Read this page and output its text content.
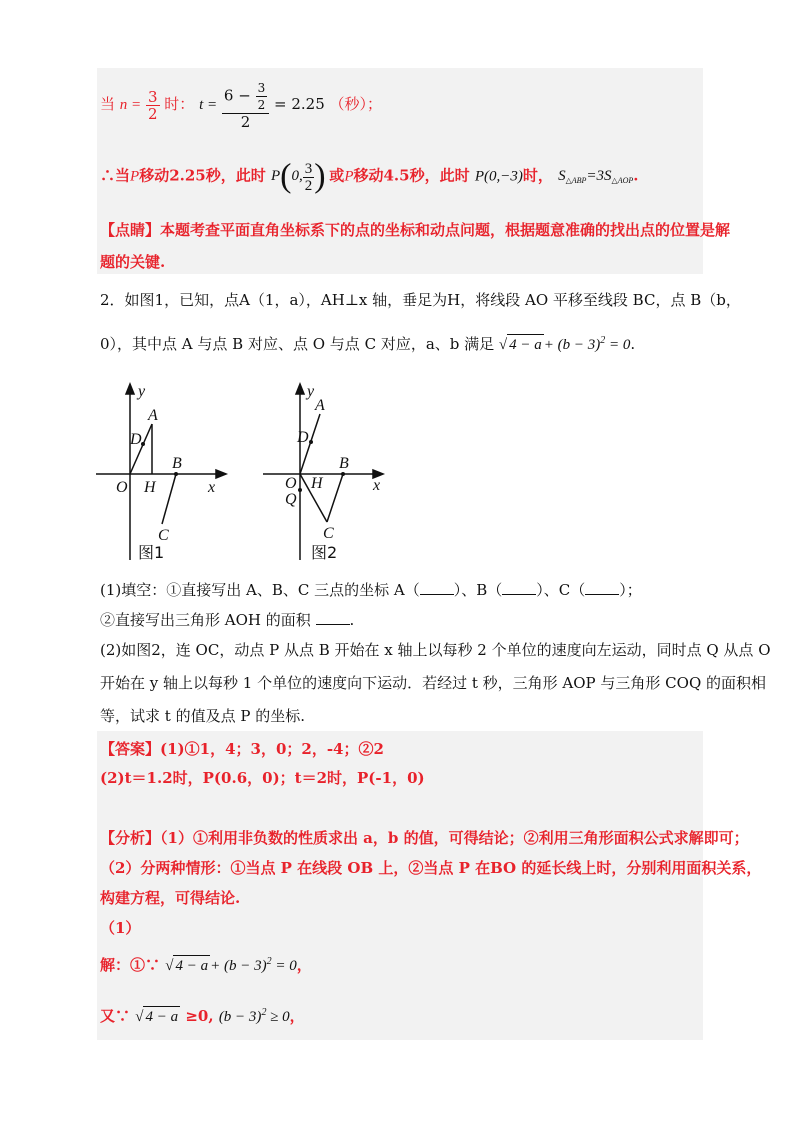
当 $n = \frac{3}{2}$ 时： $t = \frac{6 - \frac{3}{2}}{2} = 2.25$ （秒）；
∴当P移动2.25秒，此时 P(0, $\frac{3}{2}$ ) 或P移动4.5秒，此时 P(0,−3)时， $S_{\triangle ABP}=3S_{\triangle AOP}$.
【点睛】本题考查平面直角坐标系下的点的坐标和动点问题，根据题意准确的找出点的位置是解
题的关键.
2．如图1，已知，点A（1，a），AH⊥x 轴，垂足为H，将线段 AO 平移至线段 BC，点 B（b，
0），其中点 A 与点 B 对应、点 O 与点 C 对应，a、b 满足 √ $4 - a + (b - 3)^2 = 0$.
y
A
D
B
O H	x
C
图1
y
A
D
B
O H
Q
x
C
图2
(1)填空：①直接写出 A、B、C 三点的坐标 A（ ）、B（ ）、C（ ）；
②直接写出三角形 AOH 的面积	.
(2)如图2，连 OC，动点 P 从点 B 开始在 x 轴上以每秒 2 个单位的速度向左运动，同时点 Q 从点 O
开始在 y 轴上以每秒 1 个单位的速度向下运动．若经过 t 秒，三角形 AOP 与三角形 COQ 的面积相
等，试求 t 的值及点 P 的坐标.
【答案】(1)①1，4；3，0；2，-4；②2
(2)t＝1.2时，P(0.6，0)；t＝2时，P(-1，0)
【分析】（1）①利用非负数的性质求出 a，b 的值，可得结论；②利用三角形面积公式求解即可；
（2）分两种情形：①当点 P 在线段 OB 上，②当点 P 在BO 的延长线上时，分别利用面积关系，
构建方程，可得结论.
（1）
解：①∵ √ $4 - a + (b - 3)^2 = 0$，
又∵ √ 4 − a ≥0, $(b - 3)^2 \ge 0$，
